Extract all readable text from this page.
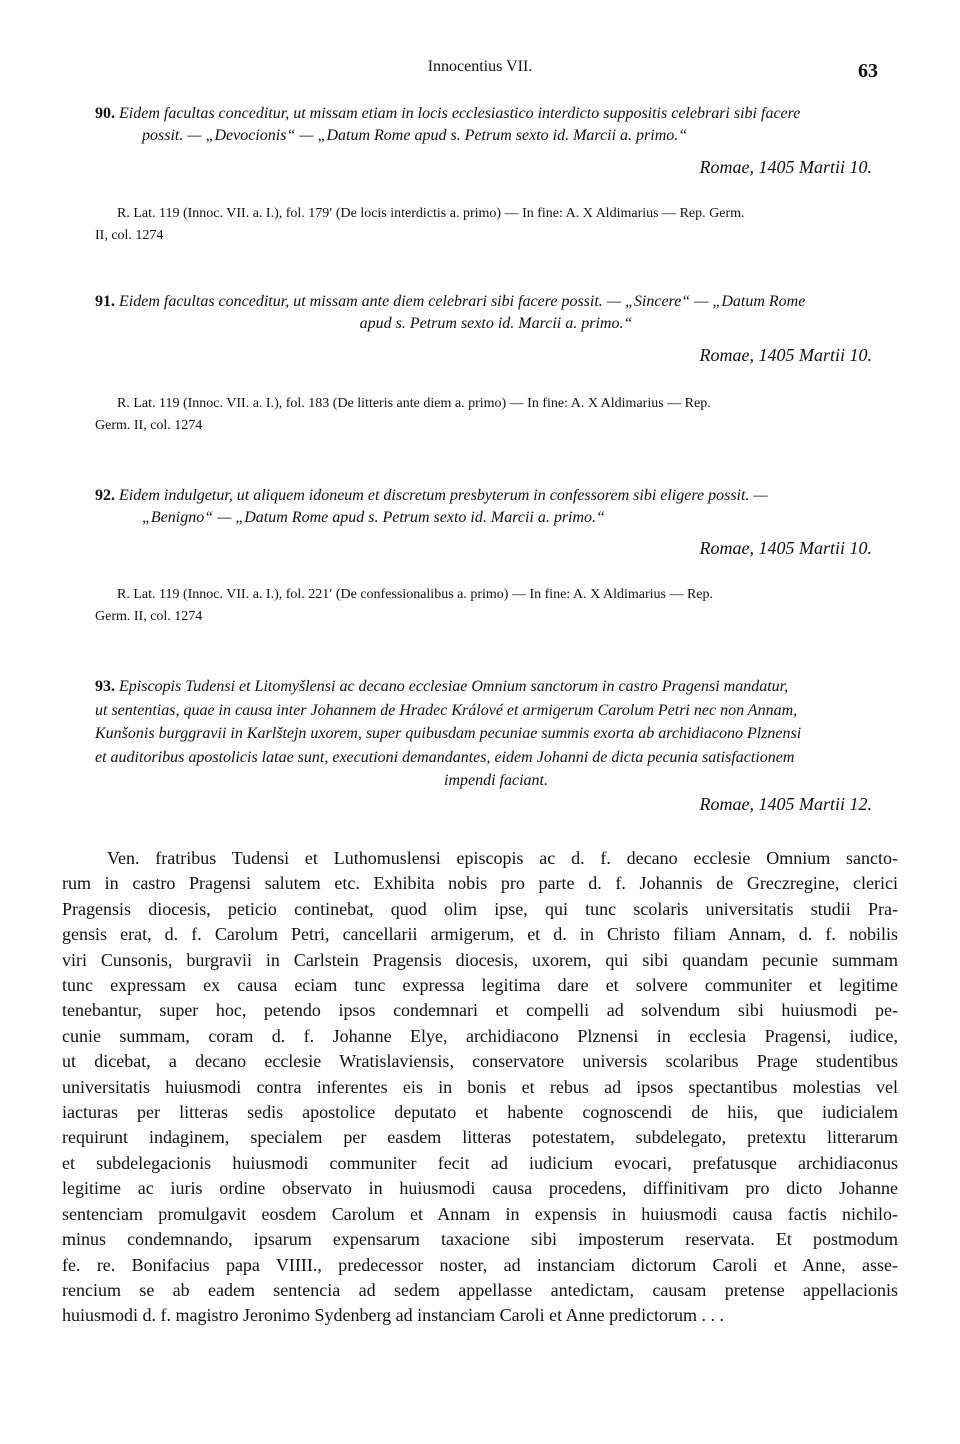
Innocentius VII.	63
90. Eidem facultas conceditur, ut missam etiam in locis ecclesiastico interdicto suppositis celebrari sibi facere
possit. — „Devocionis“ — „Datum Rome apud s. Petrum sexto id. Marcii a. primo.“
Romae, 1405 Martii 10.
R. Lat. 119 (Innoc. VII. a. I.), fol. 179′ (De locis interdictis a. primo) — In fine: A. X Aldimarius — Rep. Germ.
II, col. 1274
91. Eidem facultas conceditur, ut missam ante diem celebrari sibi facere possit. — „Sincere“ — „Datum Rome
apud s. Petrum sexto id. Marcii a. primo.“
Romae, 1405 Martii 10.
R. Lat. 119 (Innoc. VII. a. I.), fol. 183 (De litteris ante diem a. primo) — In fine: A. X Aldimarius — Rep.
Germ. II, col. 1274
92. Eidem indulgetur, ut aliquem idoneum et discretum presbyterum in confessorem sibi eligere possit. —
„Benigno“ — „Datum Rome apud s. Petrum sexto id. Marcii a. primo.“
Romae, 1405 Martii 10.
R. Lat. 119 (Innoc. VII. a. I.), fol. 221′ (De confessionalibus a. primo) — In fine: A. X Aldimarius — Rep.
Germ. II, col. 1274
93. Episcopis Tudensi et Litomyšlensi ac decano ecclesiae Omnium sanctorum in castro Pragensi mandatur,
ut sententias, quae in causa inter Johannem de Hradec Králové et armigerum Carolum Petri nec non Annam,
Kunšonis burggravii in Karlštejn uxorem, super quibusdam pecuniae summis exorta ab archidiacono Plznensi
et auditoribus apostolicis latae sunt, executioni demandantes, eidem Johanni de dicta pecunia satisfactionem
impendi faciant.
Romae, 1405 Martii 12.
Ven. fratribus Tudensi et Luthomuslensi episcopis ac d. f. decano ecclesie Omnium sancto-
rum in castro Pragensi salutem etc. Exhibita nobis pro parte d. f. Johannis de Greczregine, clerici
Pragensis diocesis, peticio continebat, quod olim ipse, qui tunc scolaris universitatis studii Pra-
gensis erat, d. f. Carolum Petri, cancellarii armigerum, et d. in Christo filiam Annam, d. f. nobilis
viri Cunsonis, burgravii in Carlstein Pragensis diocesis, uxorem, qui sibi quandam pecunie summam
tunc expressam ex causa eciam tunc expressa legitima dare et solvere communiter et legitime
tenebantur, super hoc, petendo ipsos condemnari et compelli ad solvendum sibi huiusmodi pe-
cunie summam, coram d. f. Johanne Elye, archidiacono Plznensi in ecclesia Pragensi, iudice,
ut dicebat, a decano ecclesie Wratislaviensis, conservatore universis scolaribus Prage studentibus
universitatis huiusmodi contra inferentes eis in bonis et rebus ad ipsos spectantibus molestias vel
iacturas per litteras sedis apostolice deputato et habente cognoscendi de hiis, que iudicialem
requirunt indaginem, specialem per easdem litteras potestatem, subdelegato, pretextu litterarum
et subdelegacionis huiusmodi communiter fecit ad iudicium evocari, prefatusque archidiaconus
legitime ac iuris ordine observato in huiusmodi causa procedens, diffinitivam pro dicto Johanne
sentenciam promulgavit eosdem Carolum et Annam in expensis in huiusmodi causa factis nichilo-
minus condemnando, ipsarum expensarum taxacione sibi imposterum reservata. Et postmodum
fe. re. Bonifacius papa VIIII., predecessor noster, ad instanciam dictorum Caroli et Anne, asse-
rencium se ab eadem sentencia ad sedem appellasse antedictam, causam pretense appellacionis
huiusmodi d. f. magistro Jeronimo Sydenberg ad instanciam Caroli et Anne predictorum . . .
